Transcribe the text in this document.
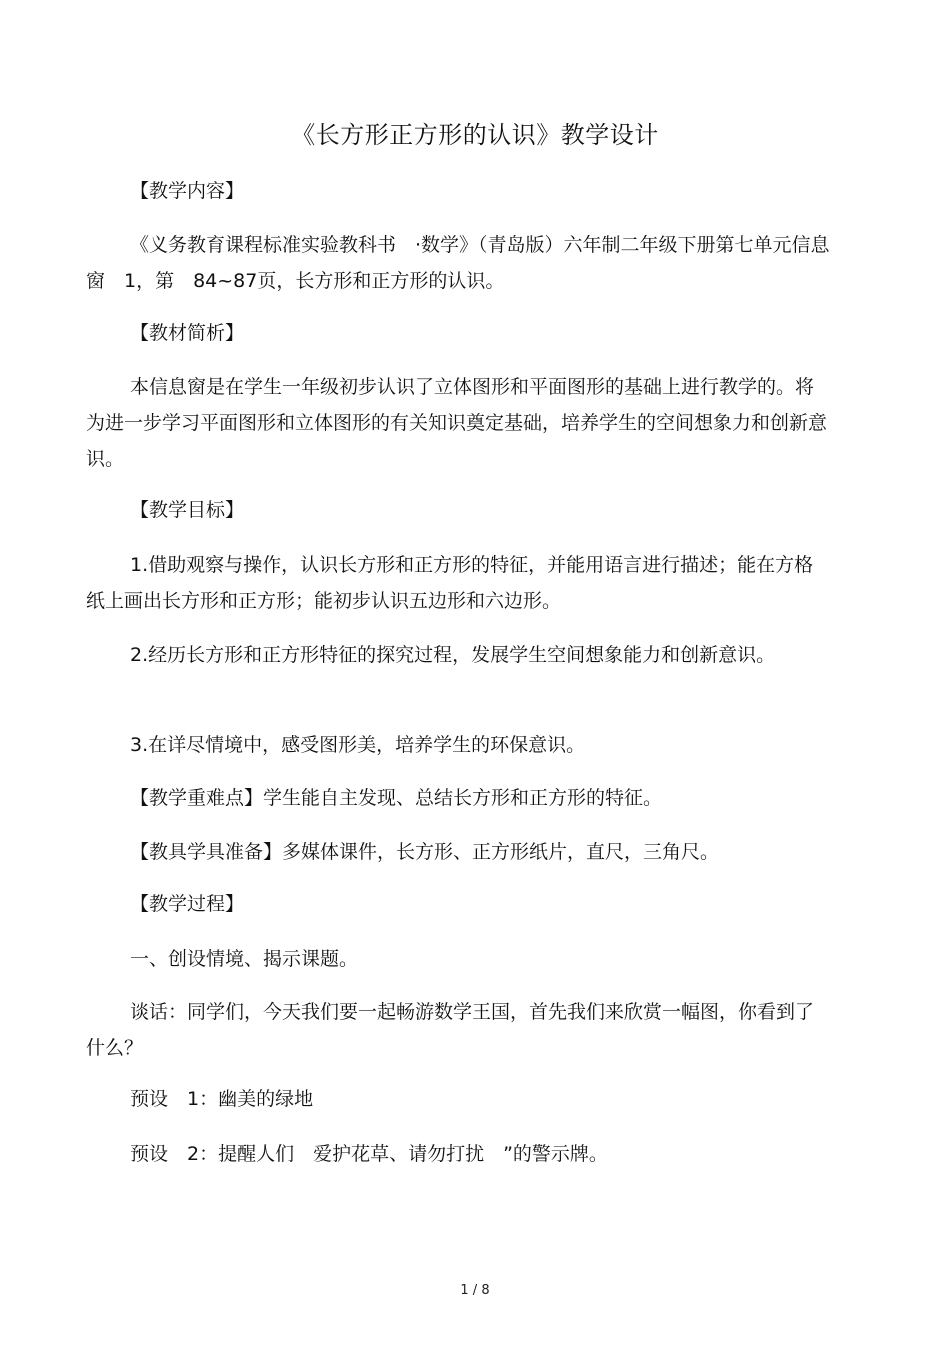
《长方形正方形的认识》教学设计

【教学内容】

《义务教育课程标准实验教科书　·数学》（青岛版）六年制二年级下册第七单元信息窗　1，第　84~87页，长方形和正方形的认识。

【教材简析】

本信息窗是在学生一年级初步认识了立体图形和平面图形的基础上进行教学的。将为进一步学习平面图形和立体图形的有关知识奠定基础，培养学生的空间想象力和创新意识。

【教学目标】

1.借助观察与操作，认识长方形和正方形的特征，并能用语言进行描述；能在方格纸上画出长方形和正方形；能初步认识五边形和六边形。

2.经历长方形和正方形特征的探究过程，发展学生空间想象能力和创新意识。

3.在详尽情境中，感受图形美，培养学生的环保意识。

【教学重难点】学生能自主发现、总结长方形和正方形的特征。

【教具学具准备】多媒体课件，长方形、正方形纸片，直尺，三角尺。

【教学过程】

一、创设情境、揭示课题。

谈话：同学们，今天我们要一起畅游数学王国，首先我们来欣赏一幅图，你看到了什么？

预设　1：幽美的绿地

预设　2：提醒人们　爱护花草、请勿打扰　”的警示牌。

1 / 8
